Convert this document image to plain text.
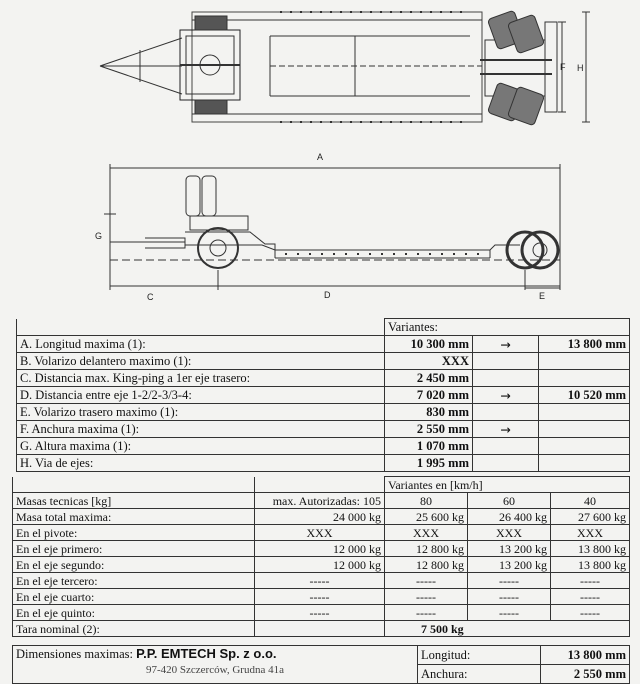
A
C	D	E
F H
G
	Variantes:		
A. Longitud maxima (1):	10 300 mm	→	13 800 mm
B. Volarizo delantero maximo (1):	XXX		
C. Distancia max. King-ping a 1er eje trasero:	2 450 mm		
D. Distancia entre eje 1-2/2-3/3-4:	7 020 mm	→	10 520 mm
E. Volarizo trasero maximo (1):	830 mm		
F. Anchura maxima (1):	2 550 mm	→	
G. Altura maxima (1):	1 070 mm		
H. Via de ejes:	1 995 mm		
		Variantes en [km/h]		
Masas tecnicas [kg]	max. Autorizadas: 105	80	60	40
Masa total maxima:	24 000 kg	25 600 kg	26 400 kg	27 600 kg
En el pivote:	XXX	XXX	XXX	XXX
En el eje primero:	12 000 kg	12 800 kg	13 200 kg	13 800 kg
En el eje segundo:	12 000 kg	12 800 kg	13 200 kg	13 800 kg
En el eje tercero:	-----	-----	-----	-----
En el eje cuarto:	-----	-----	-----	-----
En el eje quinto:	-----	-----	-----	-----
Tara nominal (2):		7 500 kg		
Dimensiones maximas: P.P. EMTECH Sp. z o.o.
97-420 Szczerców, Grudna 41a	Longitud:	13 800 mm
	Anchura:	2 550 mm
